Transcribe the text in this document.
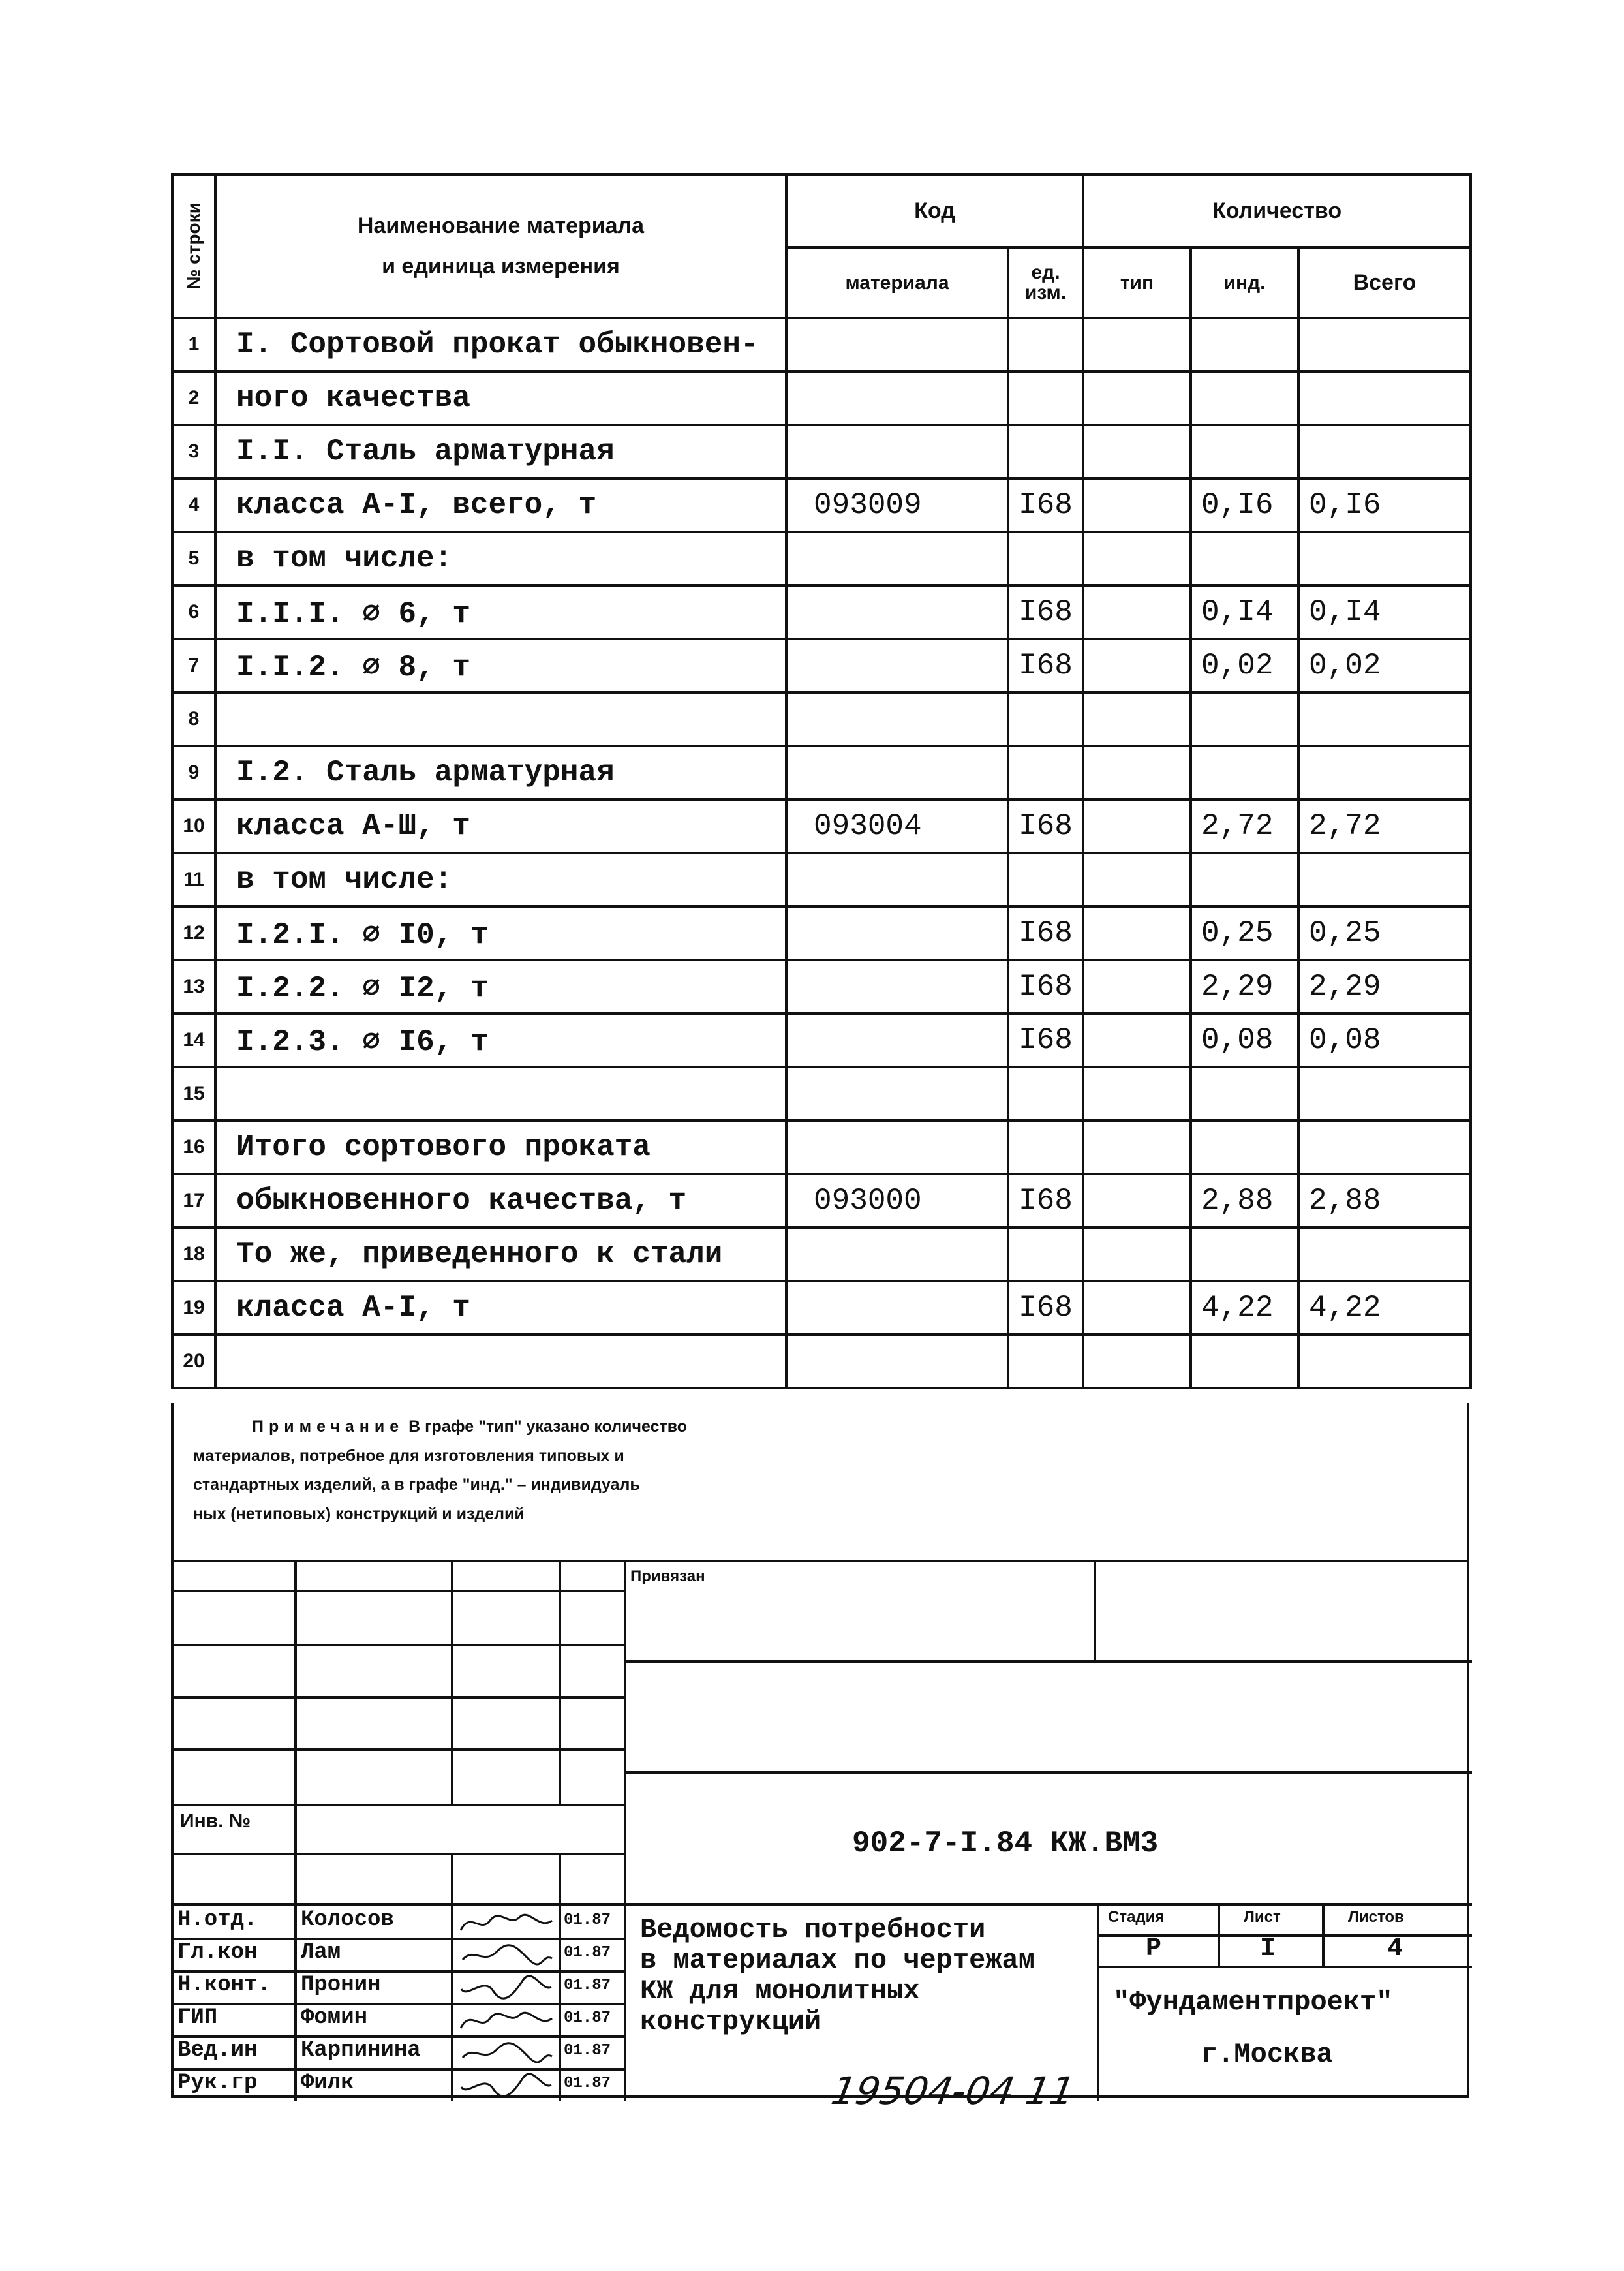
№ строки	Наименование материала
и единица измерения	Код		Количество		
		материала	ед. изм.	тип	инд.	Всего
1	I. Сортовой прокат обыкновен-					
2	ного качества					
3	I.I. Сталь арматурная					
4	класса А-I, всего, т	093009	I68		0,I6	0,I6
5	в том числе:					
6	I.I.I. ∅ 6, т		I68		0,I4	0,I4
7	I.I.2. ∅ 8, т		I68		0,02	0,02
8						
9	I.2. Сталь арматурная					
10	класса А-Ш, т	093004	I68		2,72	2,72
11	в том числе:					
12	I.2.I. ∅ I0, т		I68		0,25	0,25
13	I.2.2. ∅ I2, т		I68		2,29	2,29
14	I.2.3. ∅ I6, т		I68		0,08	0,08
15						
16	Итого сортового проката					
17	обыкновенного качества, т	093000	I68		2,88	2,88
18	То же, приведенного к стали					
19	класса А-I, т		I68		4,22	4,22
20						
Примечание В графе "тип" указано количество
материалов, потребное для изготовления типовых и
стандартных изделий, а в графе "инд." – индивидуаль
ных (нетиповых) конструкций и изделий
Привязан
Инв. №
902-7-I.84 КЖ.ВМ3
Н.отд. Колосов	01.87
Гл.кон Лам	01.87
Н.конт. Пронин	01.87
ГИП	Фомин	01.87
Вед.ин Карпинина	01.87
Рук.гр Филк	01.87
Ведомость потребности
в материалах по чертежам
КЖ для монолитных
конструкций
Стадия	Лист	Листов
Р	I	4
"Фундаментпроект"
г.Москва
19504-04 11
